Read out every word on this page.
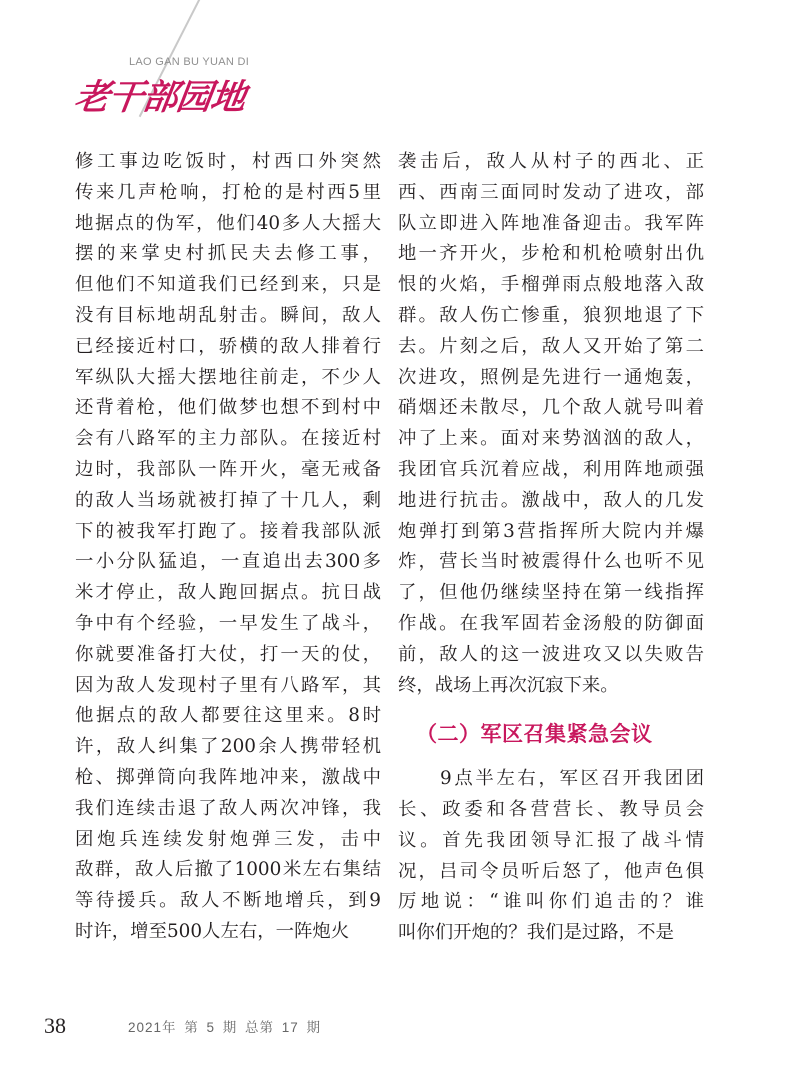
LAO GAN BU YUAN DI
老干部园地

修工事边吃饭时，村西口外突然

传来几声枪响，打枪的是村西5里

地据点的伪军，他们40多人大摇大

摆的来掌史村抓民夫去修工事，

但他们不知道我们已经到来，只是

没有目标地胡乱射击。瞬间，敌人

已经接近村口，骄横的敌人排着行

军纵队大摇大摆地往前走，不少人

还背着枪，他们做梦也想不到村中

会有八路军的主力部队。在接近村

边时，我部队一阵开火，毫无戒备

的敌人当场就被打掉了十几人，剩

下的被我军打跑了。接着我部队派

一小分队猛追，一直追出去300多

米才停止，敌人跑回据点。抗日战

争中有个经验，一早发生了战斗，

你就要准备打大仗，打一天的仗，

因为敌人发现村子里有八路军，其

他据点的敌人都要往这里来。8时

许，敌人纠集了200余人携带轻机

枪、掷弹筒向我阵地冲来，激战中

我们连续击退了敌人两次冲锋，我

团炮兵连续发射炮弹三发，击中

敌群，敌人后撤了1000米左右集结

等待援兵。敌人不断地增兵，到9

时许，增至500人左右，一阵炮火

袭击后，敌人从村子的西北、正

西、西南三面同时发动了进攻，部

队立即进入阵地准备迎击。我军阵

地一齐开火，步枪和机枪喷射出仇

恨的火焰，手榴弹雨点般地落入敌

群。敌人伤亡惨重，狼狈地退了下

去。片刻之后，敌人又开始了第二

次进攻，照例是先进行一通炮轰，

硝烟还未散尽，几个敌人就号叫着

冲了上来。面对来势汹汹的敌人，

我团官兵沉着应战，利用阵地顽强

地进行抗击。激战中，敌人的几发

炮弹打到第3营指挥所大院内并爆

炸，营长当时被震得什么也听不见

了，但他仍继续坚持在第一线指挥

作战。在我军固若金汤般的防御面

前，敌人的这一波进攻又以失败告

终，战场上再次沉寂下来。

（二）军区召集紧急会议

　　9点半左右，军区召开我团团

长、政委和各营营长、教导员会

议。首先我团领导汇报了战斗情

况，吕司令员听后怒了，他声色俱

厉地说：“谁叫你们追击的？谁

叫你们开炮的？我们是过路，不是

38	2021年 第 5 期 总第 17 期
